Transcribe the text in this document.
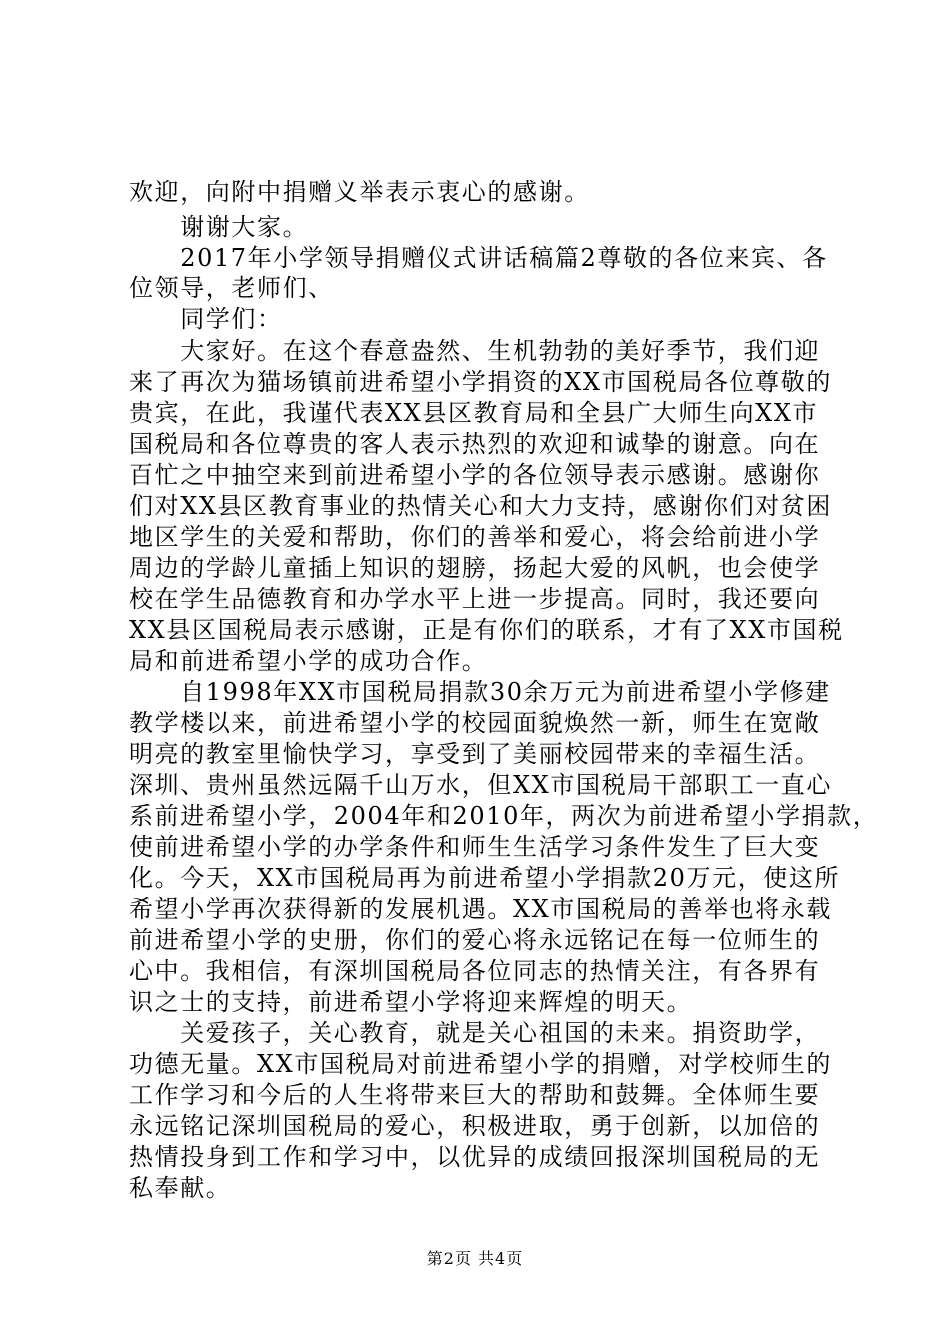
欢迎，向附中捐赠义举表示衷心的感谢。
　　谢谢大家。
　　2017年小学领导捐赠仪式讲话稿篇2尊敬的各位来宾、各
位领导，老师们、
　　同学们：
　　大家好。在这个春意盎然、生机勃勃的美好季节，我们迎
来了再次为猫场镇前进希望小学捐资的XX市国税局各位尊敬的
贵宾，在此，我谨代表XX县区教育局和全县广大师生向XX市
国税局和各位尊贵的客人表示热烈的欢迎和诚挚的谢意。向在
百忙之中抽空来到前进希望小学的各位领导表示感谢。感谢你
们对XX县区教育事业的热情关心和大力支持，感谢你们对贫困
地区学生的关爱和帮助，你们的善举和爱心，将会给前进小学
周边的学龄儿童插上知识的翅膀，扬起大爱的风帆，也会使学
校在学生品德教育和办学水平上进一步提高。同时，我还要向
XX县区国税局表示感谢，正是有你们的联系，才有了XX市国税
局和前进希望小学的成功合作。
　　自1998年XX市国税局捐款30余万元为前进希望小学修建
教学楼以来，前进希望小学的校园面貌焕然一新，师生在宽敞
明亮的教室里愉快学习，享受到了美丽校园带来的幸福生活。
深圳、贵州虽然远隔千山万水，但XX市国税局干部职工一直心
系前进希望小学，2004年和2010年，两次为前进希望小学捐款，
使前进希望小学的办学条件和师生生活学习条件发生了巨大变
化。今天，XX市国税局再为前进希望小学捐款20万元，使这所
希望小学再次获得新的发展机遇。XX市国税局的善举也将永载
前进希望小学的史册，你们的爱心将永远铭记在每一位师生的
心中。我相信，有深圳国税局各位同志的热情关注，有各界有
识之士的支持，前进希望小学将迎来辉煌的明天。
　　关爱孩子，关心教育，就是关心祖国的未来。捐资助学，
功德无量。XX市国税局对前进希望小学的捐赠，对学校师生的
工作学习和今后的人生将带来巨大的帮助和鼓舞。全体师生要
永远铭记深圳国税局的爱心，积极进取，勇于创新，以加倍的
热情投身到工作和学习中，以优异的成绩回报深圳国税局的无
私奉献。
第2页 共4页
